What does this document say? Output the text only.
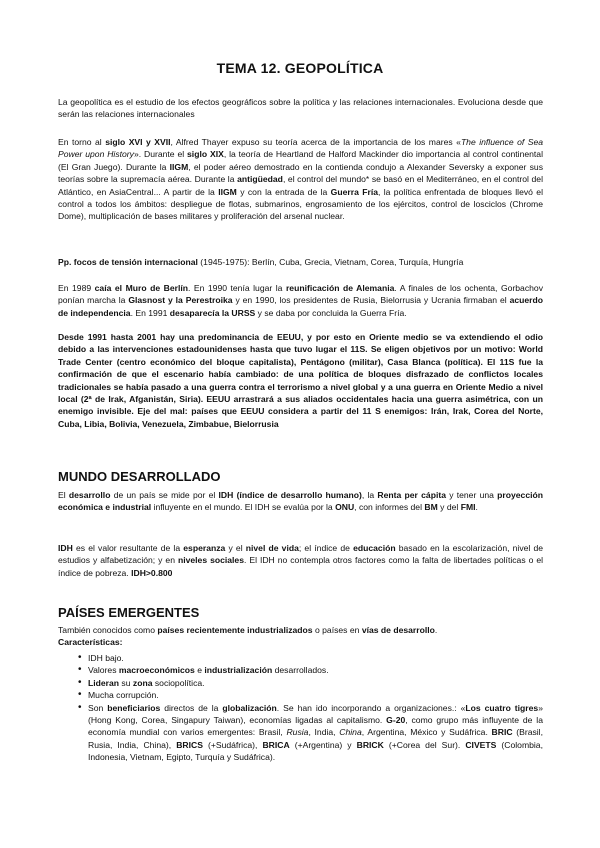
TEMA 12. GEOPOLÍTICA
La geopolítica es el estudio de los efectos geográficos sobre la política y las relaciones internacionales. Evoluciona desde que serán las relaciones internacionales
En torno al siglo XVI y XVII, Alfred Thayer expuso su teoría acerca de la importancia de los mares «The influence of Sea Power upon History». Durante el siglo XIX, la teoría de Heartland de Halford Mackinder dio importancia al control continental (El Gran Juego). Durante la IIGM, el poder aéreo demostrado en la contienda condujo a Alexander Seversky a exponer sus teorías sobre la supremacía aérea. Durante la antigüedad, el control del mundo* se basó en el Mediterráneo, en el control del Atlántico, en AsiaCentral... A partir de la IIGM y con la entrada de la Guerra Fría, la política enfrentada de bloques llevó el control a todos los ámbitos: despliegue de flotas, submarinos, engrosamiento de los ejércitos, control de losciclos (Chrome Dome), multiplicación de bases militares y proliferación del arsenal nuclear.
Pp. focos de tensión internacional (1945-1975): Berlín, Cuba, Grecia, Vietnam, Corea, Turquía, Hungría
En 1989 caía el Muro de Berlín. En 1990 tenía lugar la reunificación de Alemania. A finales de los ochenta, Gorbachov ponían marcha la Glasnost y la Perestroika y en 1990, los presidentes de Rusia, Bielorrusia y Ucrania firmaban el acuerdo de independencia. En 1991 desaparecía la URSS y se daba por concluida la Guerra Fría.
Desde 1991 hasta 2001 hay una predominancia de EEUU, y por esto en Oriente medio se va extendiendo el odio debido a las intervenciones estadounidenses hasta que tuvo lugar el 11S. Se eligen objetivos por un motivo: World Trade Center (centro económico del bloque capitalista), Pentágono (militar), Casa Blanca (política). El 11S fue la confirmación de que el escenario había cambiado: de una política de bloques disfrazado de conflictos locales tradicionales se había pasado a una guerra contra el terrorismo a nivel global y a una guerra en Oriente Medio a nivel local (2ª de Irak, Afganistán, Siria). EEUU arrastrará a sus aliados occidentales hacia una guerra asimétrica, con un enemigo invisible. Eje del mal: países que EEUU considera a partir del 11 S enemigos: Irán, Irak, Corea del Norte, Cuba, Libia, Bolivia, Venezuela, Zimbabue, Bielorrusia
MUNDO DESARROLLADO
El desarrollo de un país se mide por el IDH (índice de desarrollo humano), la Renta per cápita y tener una proyección económica e industrial influyente en el mundo. El IDH se evalúa por la ONU, con informes del BM y del FMI.
IDH es el valor resultante de la esperanza y el nivel de vida; el índice de educación basado en la escolarización, nivel de estudios y alfabetización; y en niveles sociales. El IDH no contempla otros factores como la falta de libertades políticas o el índice de pobreza. IDH>0.800
PAÍSES EMERGENTES
También conocidos como países recientemente industrializados o países en vías de desarrollo.
Características:
• IDH bajo.
• Valores macroeconómicos e industrialización desarrollados.
• Lideran su zona sociopolítica.
• Mucha corrupción.
• Son beneficiarios directos de la globalización. Se han ido incorporando a organizaciones.: «Los cuatro tigres» (Hong Kong, Corea, Singapury Taiwan), economías ligadas al capitalismo. G-20, como grupo más influyente de la economía mundial con varios emergentes: Brasil, Rusia, India, China, Argentina, México y Sudáfrica. BRIC (Brasil, Rusia, India, China), BRICS (+Sudáfrica), BRICA (+Argentina) y BRICK (+Corea del Sur). CIVETS (Colombia, Indonesia, Vietnam, Egipto, Turquía y Sudáfrica).
